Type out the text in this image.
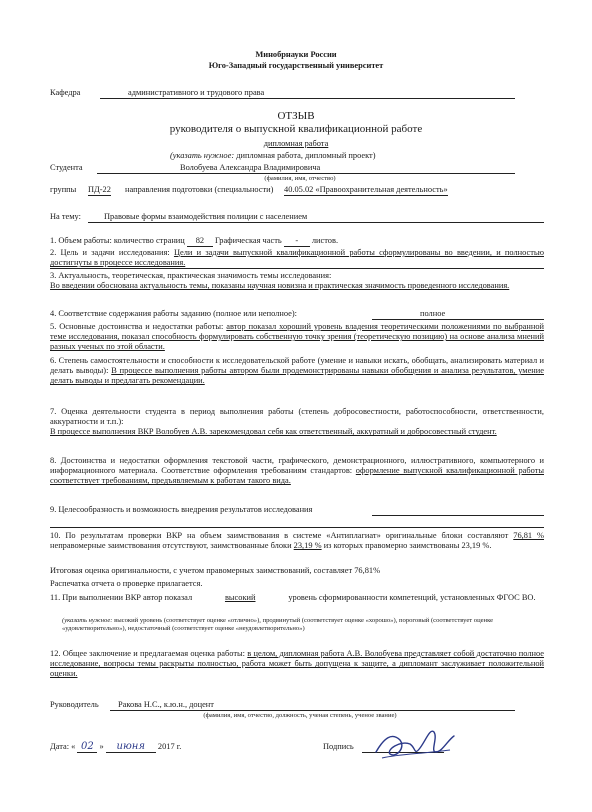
Минобрнауки России
Юго-Западный государственный университет
Кафедра	административного и трудового права
ОТЗЫВ
руководителя о выпускной квалификационной работе
дипломная работа
(указать нужное: дипломная работа, дипломный проект)
Студента	Волобуева Александра Владимировича
(фамилия, имя, отчество)
группы ПД-22 направления подготовки (специальности) 40.05.02 «Правоохранительная деятельность»
На тему:	Правовые формы взаимодействия полиции с населением
1. Объем работы: количество страниц 82 Графическая часть - листов.
2. Цель и задачи исследования: Цели и задачи выпускной квалификационной работы сформулированы во введении, и полностью достигнуты в процессе исследования.
3. Актуальность, теоретическая, практическая значимость темы исследования:
Во введении обоснована актуальность темы, показаны научная новизна и практическая значимость проведенного исследования.
4. Соответствие содержания работы заданию (полное или неполное):	полное
5. Основные достоинства и недостатки работы: автор показал хороший уровень владения теоретическими положениями по выбранной теме исследования, показал способность формулировать собственную точку зрения (теоретическую позицию) на основе анализа мнений разных ученых по этой области.
6. Степень самостоятельности и способности к исследовательской работе (умение и навыки искать, обобщать, анализировать материал и делать выводы): В процессе выполнения работы автором были продемонстрированы навыки обобщения и анализа результатов, умение делать выводы и предлагать рекомендации.
7. Оценка деятельности студента в период выполнения работы (степень добросовестности, работоспособности, ответственности, аккуратности и т.п.):
В процессе выполнения ВКР Волобуев А.В. зарекомендовал себя как ответственный, аккуратный и добросовестный студент.
8. Достоинства и недостатки оформления текстовой части, графического, демонстрационного, иллюстративного, компьютерного и информационного материала. Соответствие оформления требованиям стандартов: оформление выпускной квалификационной работы соответствует требованиям, предъявляемым к работам такого вида.
9. Целесообразность и возможность внедрения результатов исследования
10. По результатам проверки ВКР на объем заимствования в системе «Антиплагиат» оригинальные блоки составляют 76,81 % неправомерные заимствования отсутствуют, заимствованные блоки 23,19 % из которых правомерно заимствованы 23,19 %.
Итоговая оценка оригинальности, с учетом правомерных заимствований, составляет 76,81%
Распечатка отчета о проверке прилагается.
11. При выполнении ВКР автор показал	высокий	уровень сформированности компетенций, установленных ФГОС ВО.
(указать нужное: высокий уровень (соответствует оценке «отлично»), продвинутый (соответствует оценке «хорошо»), пороговый (соответствует оценке «удовлетворительно»), недостаточный (соответствует оценке «неудовлетворительно»)
12. Общее заключение и предлагаемая оценка работы: в целом, дипломная работа А.В. Волобуева представляет собой достаточно полное исследование, вопросы темы раскрыты полностью, работа может быть допущена к защите, а дипломант заслуживает положительной оценки.
Руководитель Ракова Н.С., к.ю.н., доцент
(фамилия, имя, отчество, должность, ученая степень, ученое звание)
Дата: « 02 » июня 2017 г.	Подпись
